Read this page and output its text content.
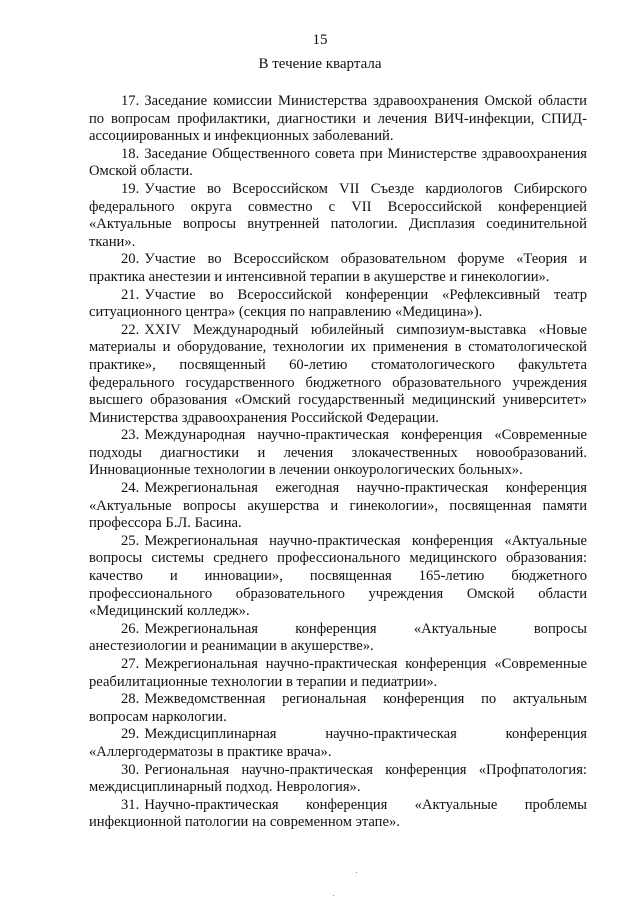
15
В течение квартала

17. Заседание комиссии Министерства здравоохранения Омской области по вопросам профилактики, диагностики и лечения ВИЧ-инфекции, СПИД-ассоциированных и инфекционных заболеваний.

18. Заседание Общественного совета при Министерстве здравоохранения Омской области.

19. Участие во Всероссийском VII Съезде кардиологов Сибирского федерального округа совместно с VII Всероссийской конференцией «Актуальные вопросы внутренней патологии. Дисплазия соединительной ткани».

20. Участие во Всероссийском образовательном форуме «Теория и практика анестезии и интенсивной терапии в акушерстве и гинекологии».

21. Участие во Всероссийской конференции «Рефлексивный театр ситуационного центра» (секция по направлению «Медицина»).

22. XXIV Международный юбилейный симпозиум-выставка «Новые материалы и оборудование, технологии их применения в стоматологической практике», посвященный 60-летию стоматологического факультета федерального государственного бюджетного образовательного учреждения высшего образования «Омский государственный медицинский университет» Министерства здравоохранения Российской Федерации.

23. Международная научно-практическая конференция «Современные подходы диагностики и лечения злокачественных новообразований. Инновационные технологии в лечении онкоурологических больных».

24. Межрегиональная ежегодная научно-практическая конференция «Актуальные вопросы акушерства и гинекологии», посвященная памяти профессора Б.Л. Басина.

25. Межрегиональная научно-практическая конференция «Актуальные вопросы системы среднего профессионального медицинского образования: качество и инновации», посвященная 165-летию бюджетного профессионального образовательного учреждения Омской области «Медицинский колледж».

26. Межрегиональная конференция «Актуальные вопросы анестезиологии и реанимации в акушерстве».

27. Межрегиональная научно-практическая конференция «Современные реабилитационные технологии в терапии и педиатрии».

28. Межведомственная региональная конференция по актуальным вопросам наркологии.

29. Междисциплинарная научно-практическая конференция «Аллергодерматозы в практике врача».

30. Региональная научно-практическая конференция «Профпатология: междисциплинарный подход. Неврология».

31. Научно-практическая конференция «Актуальные проблемы инфекционной патологии на современном этапе».
